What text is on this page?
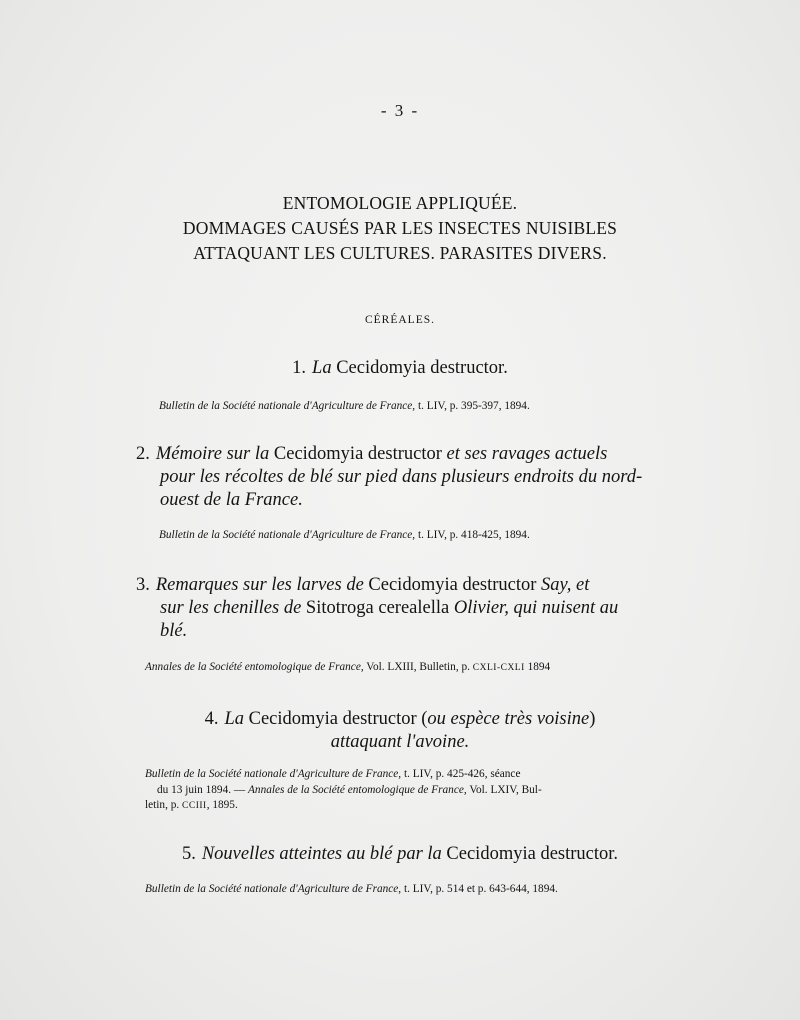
- 3 -
ENTOMOLOGIE APPLIQUÉE.
DOMMAGES CAUSÉS PAR LES INSECTES NUISIBLES
ATTAQUANT LES CULTURES. PARASITES DIVERS.
CÉRÉALES.
1. La Cecidomyia destructor.
Bulletin de la Société nationale d'Agriculture de France, t. LIV, p. 395-397, 1894.
2. Mémoire sur la Cecidomyia destructor et ses ravages actuels
pour les récoltes de blé sur pied dans plusieurs endroits du nord-
ouest de la France.
Bulletin de la Société nationale d'Agriculture de France, t. LIV, p. 418-425, 1894.
3. Remarques sur les larves de Cecidomyia destructor Say, et
sur les chenilles de Sitotroga cerealella Olivier, qui nuisent au
blé.
Annales de la Société entomologique de France, Vol. LXIII, Bulletin, p. CXLI-CXLI 1894
4. La Cecidomyia destructor (ou espèce très voisine)
attaquant l'avoine.
Bulletin de la Société nationale d'Agriculture de France, t. LIV, p. 425-426, séance
du 13 juin 1894. — Annales de la Société entomologique de France, Vol. LXIV, Bul-
letin, p. CCIII, 1895.
5. Nouvelles atteintes au blé par la Cecidomyia destructor.
Bulletin de la Société nationale d'Agriculture de France, t. LIV, p. 514 et p. 643-644, 1894.
